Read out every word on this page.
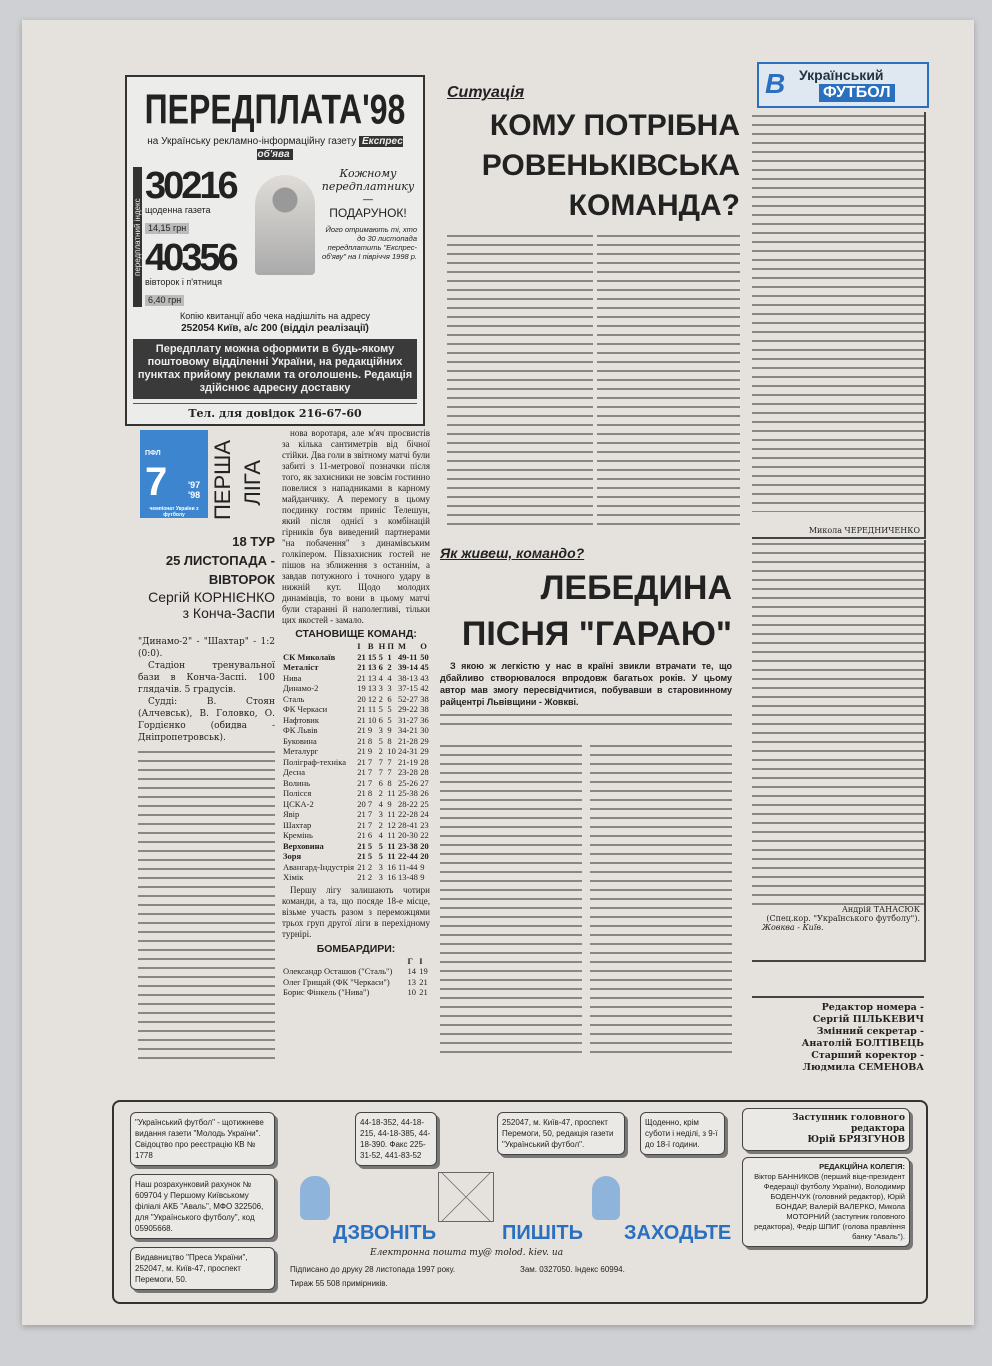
В Український
ФУТБОЛ
ПЕРЕДПЛАТА'98
на Українську рекламно-інформаційну газету Експрес об'ява
передплатний індекс
30216
щоденна газета
14,15 грн
40356
вівторок і п'ятниця
6,40 грн
Кожному передплатнику —
ПОДАРУНОК!
Його отримають ті, хто до 30 листопада передплатить "Експрес-об'яву" на І півріччя 1998 р.
Копію квитанції або чека надішліть на адресу
252054 Київ, а/с 200 (відділ реалізації)
Передплату можна оформити в будь-якому поштовому відділенні України, на редакційних пунктах прийому реклами та оголошень. Редакція здійснює адресну доставку
Тел. для довідок 216-67-60
Ситуація
КОМУ ПОТРІБНА
РОВЕНЬКІВСЬКА
КОМАНДА?
Микола ЧЕРЕДНИЧЕНКО
ПФЛ
7 '97
'98
чемпіонат України з футболу	ПЕРША ЛІГА
18 ТУР
25 ЛИСТОПАДА -
ВІВТОРОК
Сергій КОРНІЄНКО
з Конча-Заспи
"Динамо-2" - "Шахтар" - 1:2 (0:0).
Стадіон тренувальної бази в Конча-Заспі. 100 глядачів. 5 градусів.
Судді: В. Стоян (Алчевськ), В. Головко, О. Гордієнко (обидва - Дніпропетровськ).
нова воротаря, але м'яч просвистів за кілька сантиметрів від бічної стійки. Два голи в звітному матчі були забиті з 11-метрової позначки після того, як захисники не зовсім гостинно повелися з нападниками в карному майданчику. А перемогу в цьому поєдинку гостям приніс Телешун, який після однієї з комбінацій гірників був виведений партнерами "на побачення" з динамівським голкіпером. Півзахисник гостей не пішов на зближення з останнім, а завдав потужного і точного удару в нижній кут. Щодо молодих динамівців, то вони в цьому матчі були старанні й наполегливі, тільки цих якостей - замало.
СТАНОВИЩЕ КОМАНД:
	І	В	Н	П	М	О
СК Миколаїв	21	15	5	1	49-11	50
Металіст	21	13	6	2	39-14	45
Нива	21	13	4	4	38-13	43
Динамо-2	19	13	3	3	37-15	42
Сталь	20	12	2	6	52-27	38
ФК Черкаси	21	11	5	5	29-22	38
Нафтовик	21	10	6	5	31-27	36
ФК Львів	21	9	3	9	34-21	30
Буковина	21	8	5	8	21-28	29
Металург	21	9	2	10	24-31	29
Поліграф-техніка	21	7	7	7	21-19	28
Десна	21	7	7	7	23-28	28
Волинь	21	7	6	8	25-26	27
Полісся	21	8	2	11	25-38	26
ЦСКА-2	20	7	4	9	28-22	25
Явір	21	7	3	11	22-28	24
Шахтар	21	7	2	12	28-41	23
Кремінь	21	6	4	11	20-30	22
Верховина	21	5	5	11	23-38	20
Зоря	21	5	5	11	22-44	20
Авангард-Індустрія	21	2	3	16	11-44	9
Хімік	21	2	3	16	13-48	9
Першу лігу залишають чотири команди, а та, що посяде 18-е місце, візьме участь разом з переможцями трьох груп другої ліги в перехідному турнірі.
БОМБАРДИРИ:
	Г	І
Олександр Осташов ("Сталь")	14	19
Олег Грищай (ФК "Черкаси")	13	21
Борис Фінкель ("Нива")	10	21
Як живеш, командо?
ЛЕБЕДИНА
ПІСНЯ "ГАРАЮ"
З якою ж легкістю у нас в країні звикли втрачати те, що дбайливо створювалося впродовж багатьох років. У цьому автор мав змогу пересвідчитися, побувавши в старовинному райцентрі Львівщини - Жовкві.
Андрій ТАНАСЮК
(Спец.кор. "Українського футболу").
Жовква - Київ.
Редактор номера -
Сергій ПІЛЬКЕВИЧ
Змінний секретар -
Анатолій БОЛТІВЕЦЬ
Старший коректор -
Людмила СЕМЕНОВА
"Український футбол" - щотижневе видання газети "Молодь України". Свідоцтво про реєстрацію КВ № 1778
Наш розрахунковий рахунок № 609704 у Першому Київському філіалі АКБ "Аваль", МФО 322506, для "Українського футболу", код 05905668.
Видавництво "Преса України", 252047, м. Київ-47, проспект Перемоги, 50.
44-18-352, 44-18-215, 44-18-385, 44-18-390. Факс 225-31-52, 441-83-52
252047, м. Київ-47, проспект Перемоги, 50, редакція газети "Український футбол".
Щоденно, крім суботи і неділі, з 9-ї до 18-ї години.
ДЗВОНІТЬ	ПИШІТЬ ЗАХОДЬТЕ
Електронна пошта my@ molod. kiev. ua
Підписано до друку 28 листопада 1997 року.	Зам. 0327050. Індекс 60994.
Тираж 55 508 примірників.
Заступник головного редактора
Юрій БРЯЗГУНОВ
РЕДАКЦІЙНА КОЛЕГІЯ:
Віктор БАННИКОВ (перший віце-президент Федерації футболу України), Володимир БОДЕНЧУК (головний редактор), Юрій БОНДАР, Валерій ВАЛЕРКО, Микола МОТОРНИЙ (заступник головного редактора), Федір ШПИГ (голова правління банку "Аваль").
